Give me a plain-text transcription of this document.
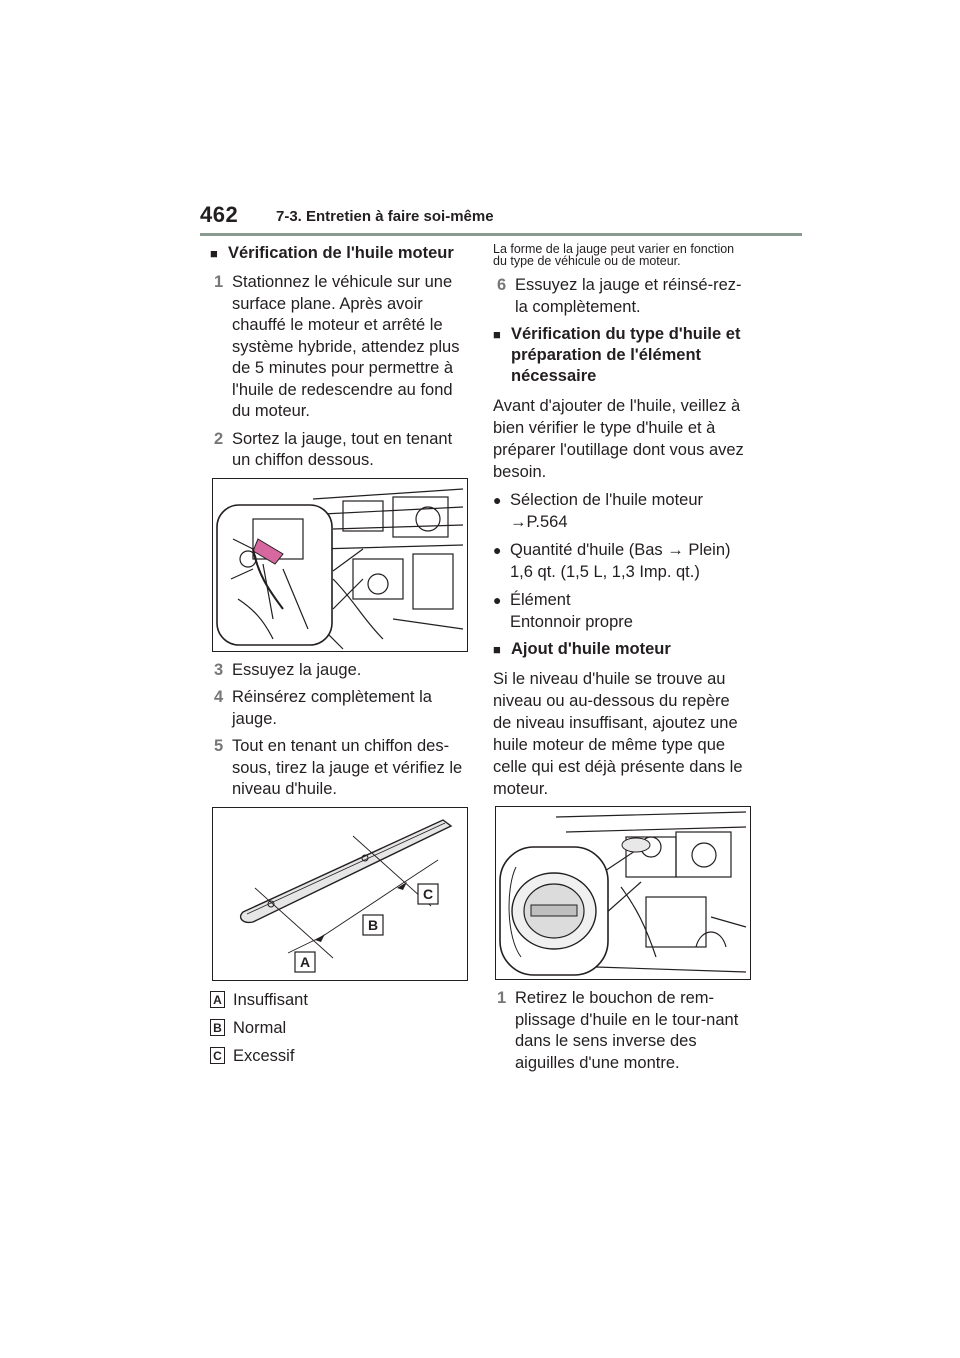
462	7-3. Entretien à faire soi-même
■ Vérification de l'huile moteur
1 Stationnez le véhicule sur une surface plane. Après avoir chauffé le moteur et arrêté le système hybride, attendez plus de 5 minutes pour permettre à l'huile de redescendre au fond du moteur.
2 Sortez la jauge, tout en tenant un chiffon dessous.
3 Essuyez la jauge.
4 Réinsérez complètement la jauge.
5 Tout en tenant un chiffon des-sous, tirez la jauge et vérifiez le niveau d'huile.
C
B
A
A Insuffisant
B Normal
C Excessif
La forme de la jauge peut varier en fonction du type de véhicule ou de moteur.
6 Essuyez la jauge et réinsé-rez-la complètement.
■ Vérification du type d'huile et préparation de l'élément nécessaire
Avant d'ajouter de l'huile, veillez à bien vérifier le type d'huile et à préparer l'outillage dont vous avez besoin.
● Sélection de l'huile moteur
→P.564
● Quantité d'huile (Bas → Plein)
1,6 qt. (1,5 L, 1,3 Imp. qt.)
● Élément
Entonnoir propre
■ Ajout d'huile moteur
Si le niveau d'huile se trouve au niveau ou au-dessous du repère de niveau insuffisant, ajoutez une huile moteur de même type que celle qui est déjà présente dans le moteur.
1 Retirez le bouchon de rem-plissage d'huile en le tour-nant dans le sens inverse des aiguilles d'une montre.
